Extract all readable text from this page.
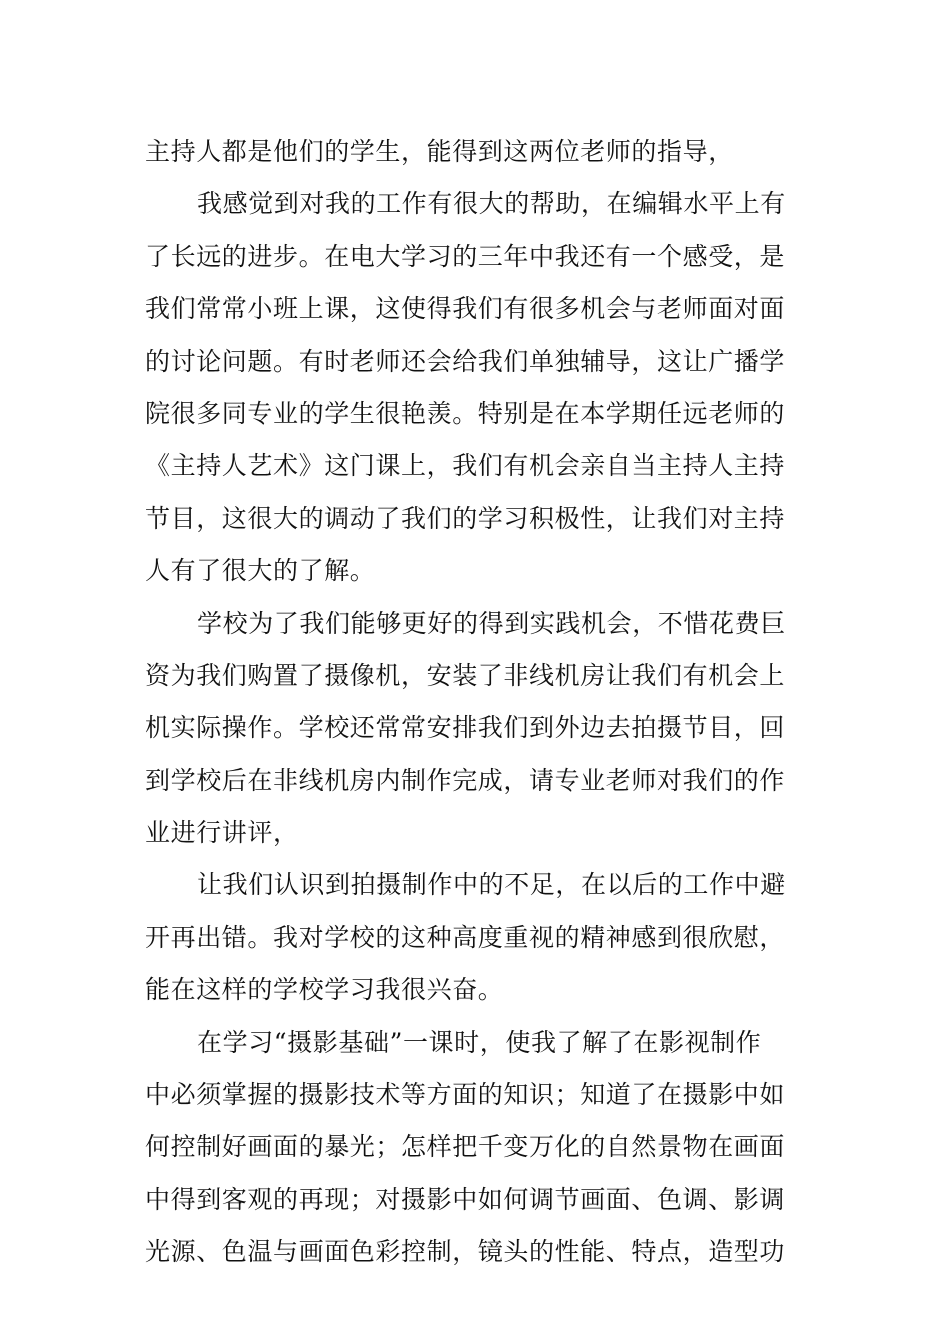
主持人都是他们的学生，能得到这两位老师的指导，
我感觉到对我的工作有很大的帮助，在编辑水平上有
了长远的进步。在电大学习的三年中我还有一个感受，是
我们常常小班上课，这使得我们有很多机会与老师面对面
的讨论问题。有时老师还会给我们单独辅导，这让广播学
院很多同专业的学生很艳羡。特别是在本学期任远老师的
《主持人艺术》这门课上，我们有机会亲自当主持人主持
节目，这很大的调动了我们的学习积极性，让我们对主持
人有了很大的了解。
学校为了我们能够更好的得到实践机会，不惜花费巨
资为我们购置了摄像机，安装了非线机房让我们有机会上
机实际操作。学校还常常安排我们到外边去拍摄节目，回
到学校后在非线机房内制作完成，请专业老师对我们的作
业进行讲评，
让我们认识到拍摄制作中的不足，在以后的工作中避
开再出错。我对学校的这种高度重视的精神感到很欣慰，
能在这样的学校学习我很兴奋。
在学习“摄影基础”一课时，使我了解了在影视制作
中必须掌握的摄影技术等方面的知识；知道了在摄影中如
何控制好画面的暴光；怎样把千变万化的自然景物在画面
中得到客观的再现；对摄影中如何调节画面、色调、影调
光源、色温与画面色彩控制，镜头的性能、特点，造型功
